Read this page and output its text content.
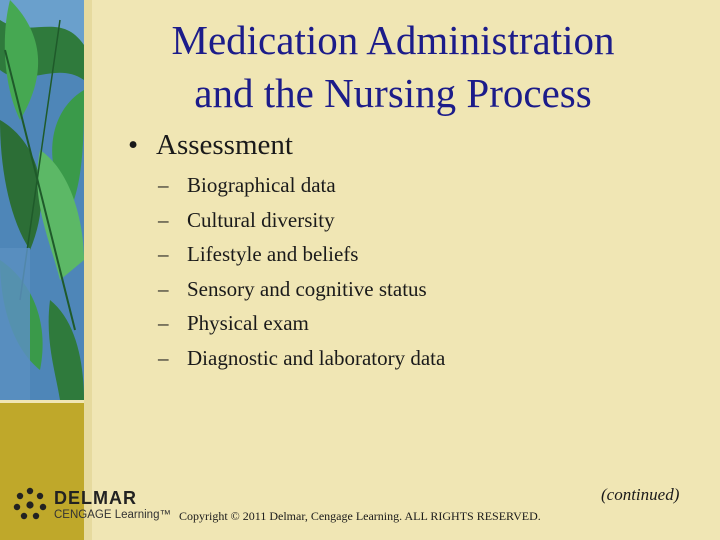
Medication Administration
and the Nursing Process
• Assessment
– Biographical data
– Cultural diversity
– Lifestyle and beliefs
– Sensory and cognitive status
– Physical exam
– Diagnostic and laboratory data
DELMAR
CENGAGE Learning™ Copyright © 2011 Delmar, Cengage Learning. ALL RIGHTS RESERVED.
(continued)
